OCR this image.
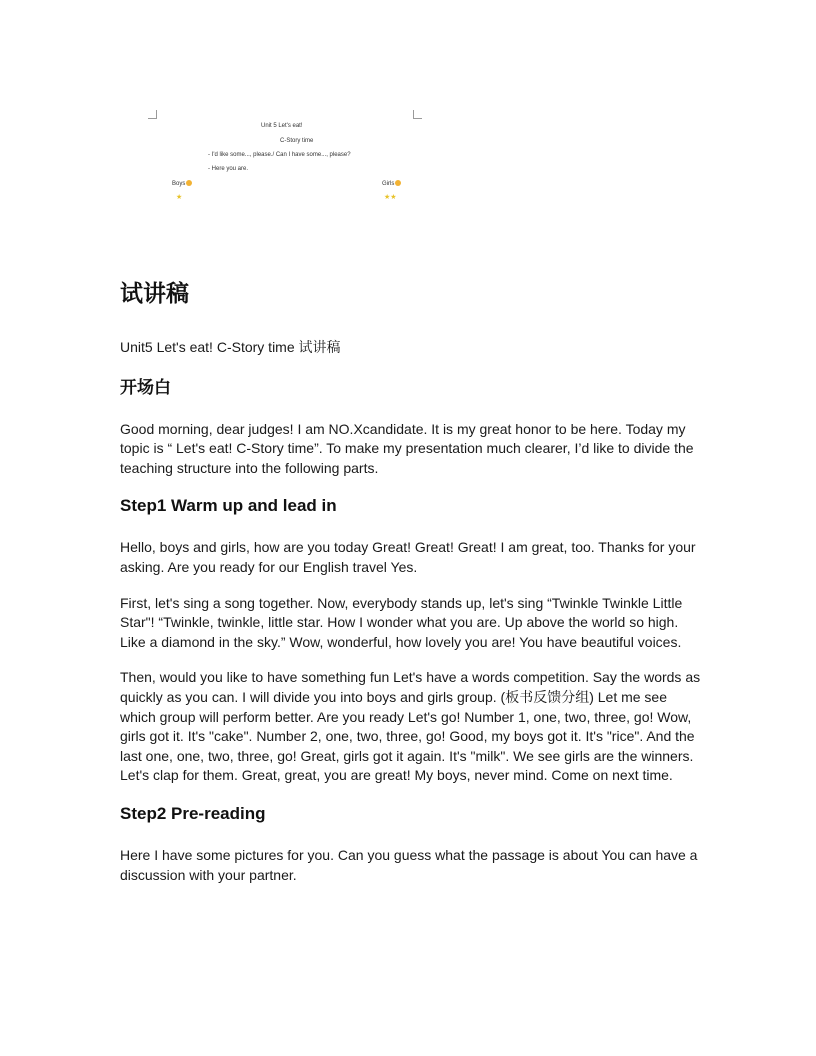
Unit 5 Let's eat!
C-Story time
- I'd like some..., please./ Can I have some..., please?
- Here you are.
Boys	Girls
★	★★
试讲稿

Unit5 Let's eat! C-Story time 试讲稿

开场白

Good morning, dear judges! I am NO.Xcandidate. It is my great honor to be here. Today my topic is “ Let's eat! C-Story time”. To make my presentation much clearer, I’d like to divide the teaching structure into the following parts.

Step1 Warm up and lead in

Hello, boys and girls, how are you today Great! Great! Great! I am great, too. Thanks for your asking. Are you ready for our English travel Yes.

First, let's sing a song together. Now, everybody stands up, let's sing “Twinkle Twinkle Little Star"! “Twinkle, twinkle, little star. How I wonder what you are. Up above the world so high. Like a diamond in the sky.” Wow, wonderful, how lovely you are! You have beautiful voices.

Then, would you like to have something fun Let's have a words competition. Say the words as quickly as you can. I will divide you into boys and girls group. (板书反馈分组) Let me see which group will perform better. Are you ready Let's go! Number 1, one, two, three, go! Wow, girls got it. It's "cake". Number 2, one, two, three, go! Good, my boys got it. It's "rice". And the last one, one, two, three, go! Great, girls got it again. It's "milk". We see girls are the winners. Let's clap for them. Great, great, you are great! My boys, never mind. Come on next time.

Step2 Pre-reading

Here I have some pictures for you. Can you guess what the passage is about You can have a discussion with your partner.
